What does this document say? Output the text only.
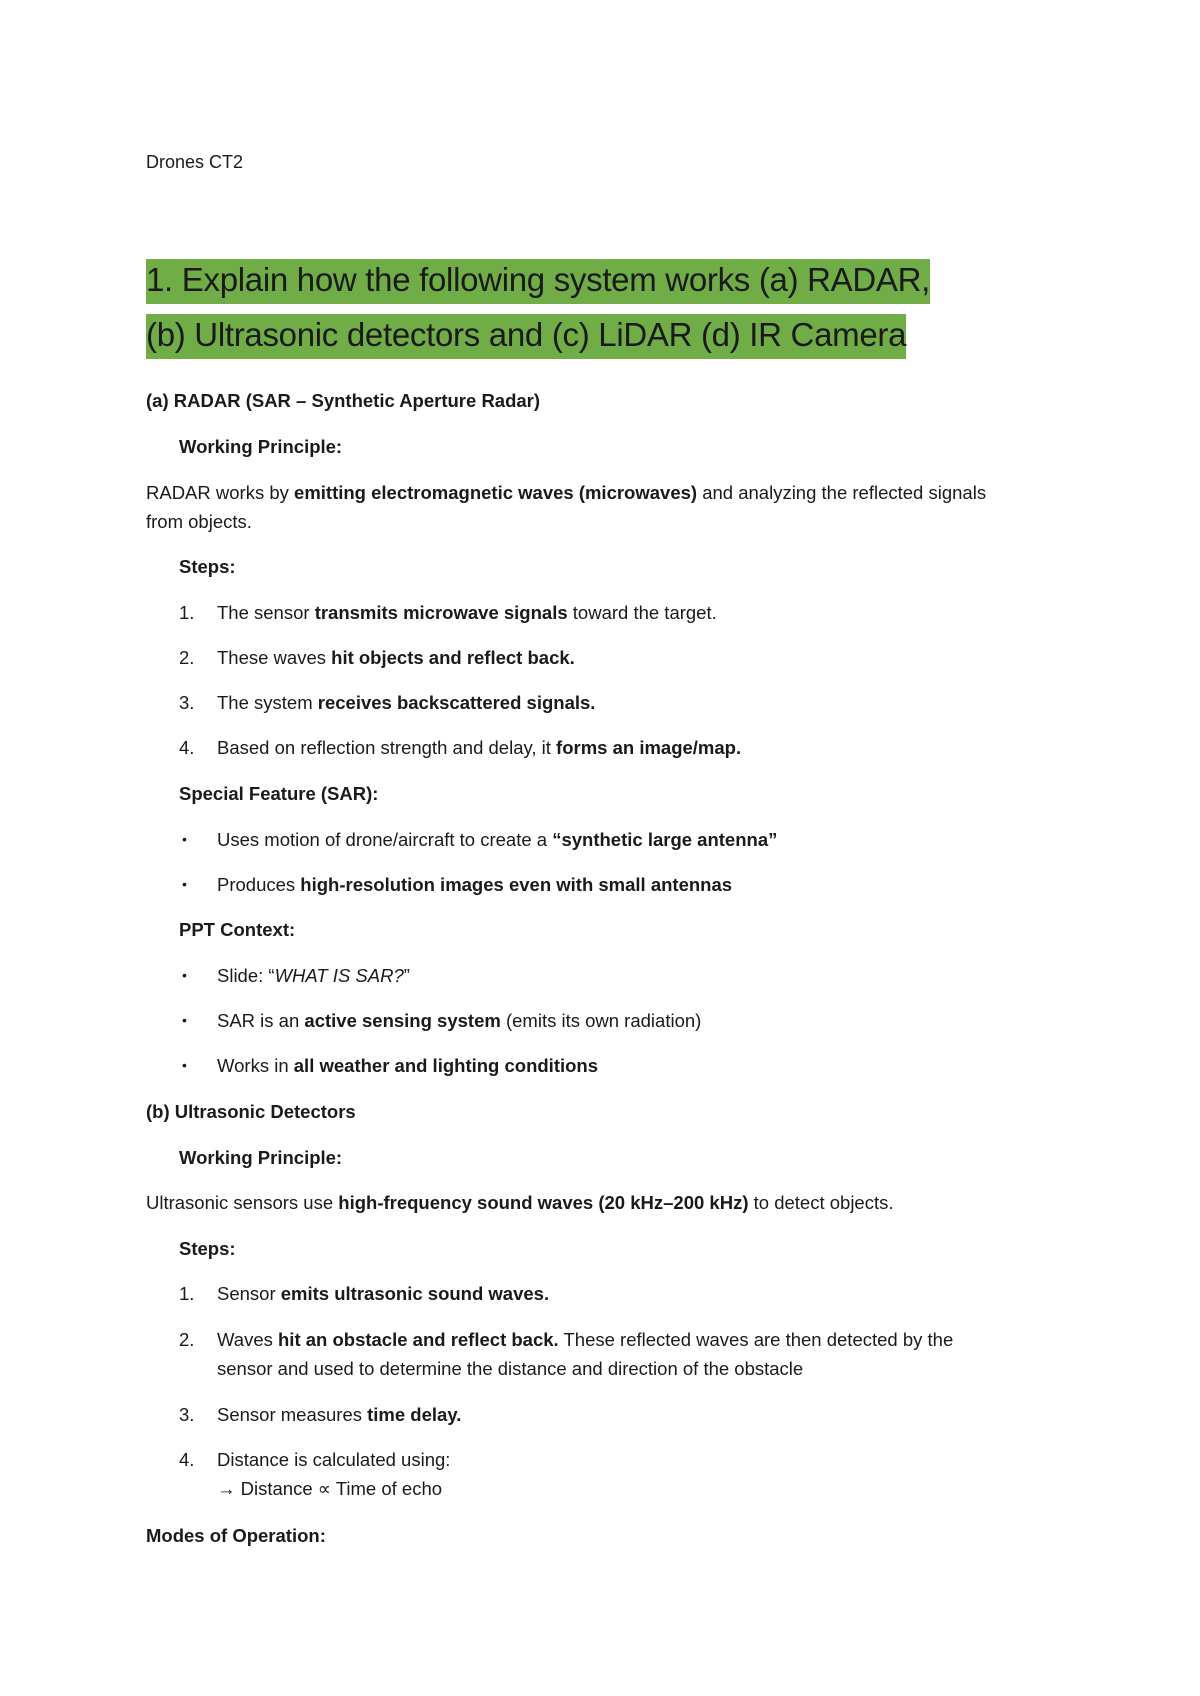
Drones CT2
1. Explain how the following system works (a) RADAR,
(b) Ultrasonic detectors and (c) LiDAR (d) IR Camera
(a) RADAR (SAR – Synthetic Aperture Radar)
Working Principle:
RADAR works by emitting electromagnetic waves (microwaves) and analyzing the reflected signals
from objects.
Steps:
1. The sensor transmits microwave signals toward the target.
2. These waves hit objects and reflect back.
3. The system receives backscattered signals.
4. Based on reflection strength and delay, it forms an image/map.
Special Feature (SAR):
• Uses motion of drone/aircraft to create a “synthetic large antenna”
• Produces high-resolution images even with small antennas
PPT Context:
• Slide: “WHAT IS SAR?”
• SAR is an active sensing system (emits its own radiation)
• Works in all weather and lighting conditions
(b) Ultrasonic Detectors
Working Principle:
Ultrasonic sensors use high-frequency sound waves (20 kHz–200 kHz) to detect objects.
Steps:
1. Sensor emits ultrasonic sound waves.
2. Waves hit an obstacle and reflect back. These reflected waves are then detected by the
sensor and used to determine the distance and direction of the obstacle
3. Sensor measures time delay.
4. Distance is calculated using:
→ Distance ∝ Time of echo
Modes of Operation:
